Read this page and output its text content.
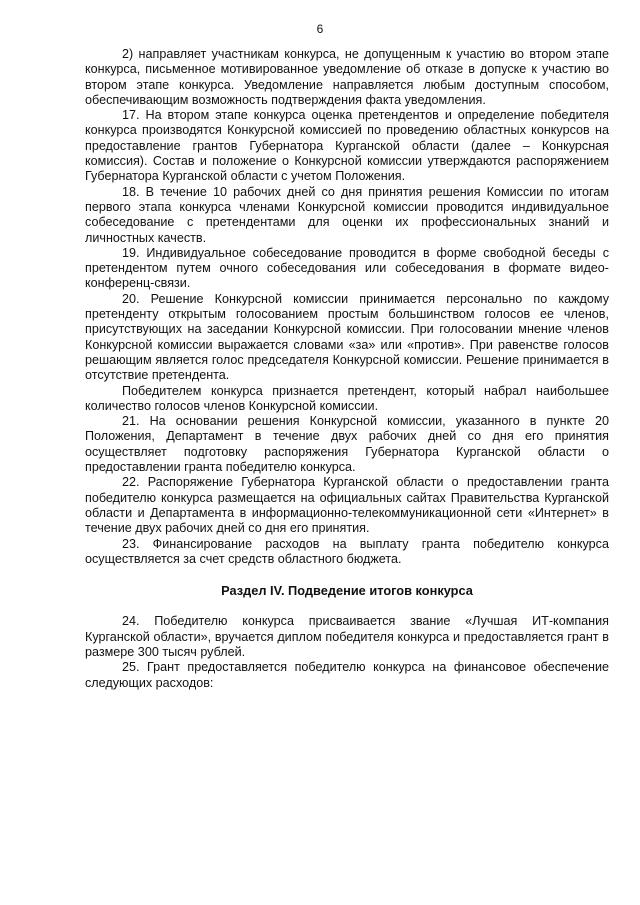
6

2) направляет участникам конкурса, не допущенным к участию во втором этапе конкурса, письменное мотивированное уведомление об отказе в допуске к участию во втором этапе конкурса. Уведомление направляется любым доступным способом, обеспечивающим возможность подтверждения факта уведомления.

17. На втором этапе конкурса оценка претендентов и определение победителя конкурса производятся Конкурсной комиссией по проведению областных конкурсов на предоставление грантов Губернатора Курганской области (далее – Конкурсная комиссия). Состав и положение о Конкурсной комиссии утверждаются распоряжением Губернатора Курганской области с учетом Положения.

18. В течение 10 рабочих дней со дня принятия решения Комиссии по итогам первого этапа конкурса членами Конкурсной комиссии проводится индивидуальное собеседование с претендентами для оценки их профессиональных знаний и личностных качеств.

19. Индивидуальное собеседование проводится в форме свободной беседы с претендентом путем очного собеседования или собеседования в формате видео-конференц-связи.

20. Решение Конкурсной комиссии принимается персонально по каждому претенденту открытым голосованием простым большинством голосов ее членов, присутствующих на заседании Конкурсной комиссии. При голосовании мнение членов Конкурсной комиссии выражается словами «за» или «против». При равенстве голосов решающим является голос председателя Конкурсной комиссии. Решение принимается в отсутствие претендента.

Победителем конкурса признается претендент, который набрал наибольшее количество голосов членов Конкурсной комиссии.

21. На основании решения Конкурсной комиссии, указанного в пункте 20 Положения, Департамент в течение двух рабочих дней со дня его принятия осуществляет подготовку распоряжения Губернатора Курганской области о предоставлении гранта победителю конкурса.

22. Распоряжение Губернатора Курганской области о предоставлении гранта победителю конкурса размещается на официальных сайтах Правительства Курганской области и Департамента в информационно-телекоммуникационной сети «Интернет» в течение двух рабочих дней со дня его принятия.

23. Финансирование расходов на выплату гранта победителю конкурса осуществляется за счет средств областного бюджета.

Раздел IV. Подведение итогов конкурса

24. Победителю конкурса присваивается звание «Лучшая ИТ-компания Курганской области», вручается диплом победителя конкурса и предоставляется грант в размере 300 тысяч рублей.

25. Грант предоставляется победителю конкурса на финансовое обеспечение следующих расходов:
